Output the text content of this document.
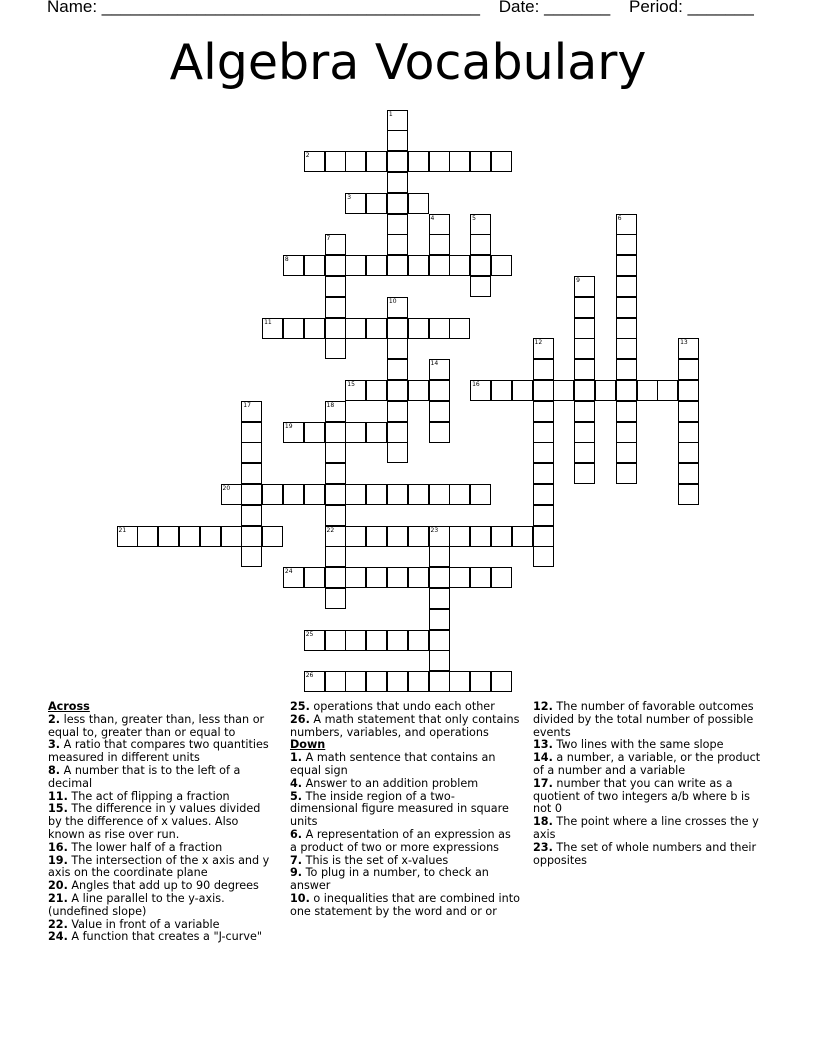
Name: ________________________________________ Date: _______ Period: _______
Algebra Vocabulary
1
2
3
4	5	6
7
8
9
10
11
12	13
14
15	16
17	18
22
19
20
21	23
24
25
26
Across
2. less than, greater than, less than or equal to, greater than or equal to
3. A ratio that compares two quantities measured in different units
8. A number that is to the left of a decimal
11. The act of flipping a fraction
15. The difference in y values divided by the difference of x values. Also known as rise over run.
16. The lower half of a fraction
19. The intersection of the x axis and y axis on the coordinate plane
20. Angles that add up to 90 degrees
21. A line parallel to the y-axis. (undefined slope)
22. Value in front of a variable
24. A function that creates a "J-curve"
25. operations that undo each other
26. A math statement that only contains numbers, variables, and operations
Down
1. A math sentence that contains an equal sign
4. Answer to an addition problem
5. The inside region of a two-dimensional figure measured in square units
6. A representation of an expression as a product of two or more expressions
7. This is the set of x-values
9. To plug in a number, to check an answer
10. o inequalities that are combined into one statement by the word and or or
12. The number of favorable outcomes divided by the total number of possible events
13. Two lines with the same slope
14. a number, a variable, or the product of a number and a variable
17. number that you can write as a quotient of two integers a/b where b is not 0
18. The point where a line crosses the y axis
23. The set of whole numbers and their opposites
